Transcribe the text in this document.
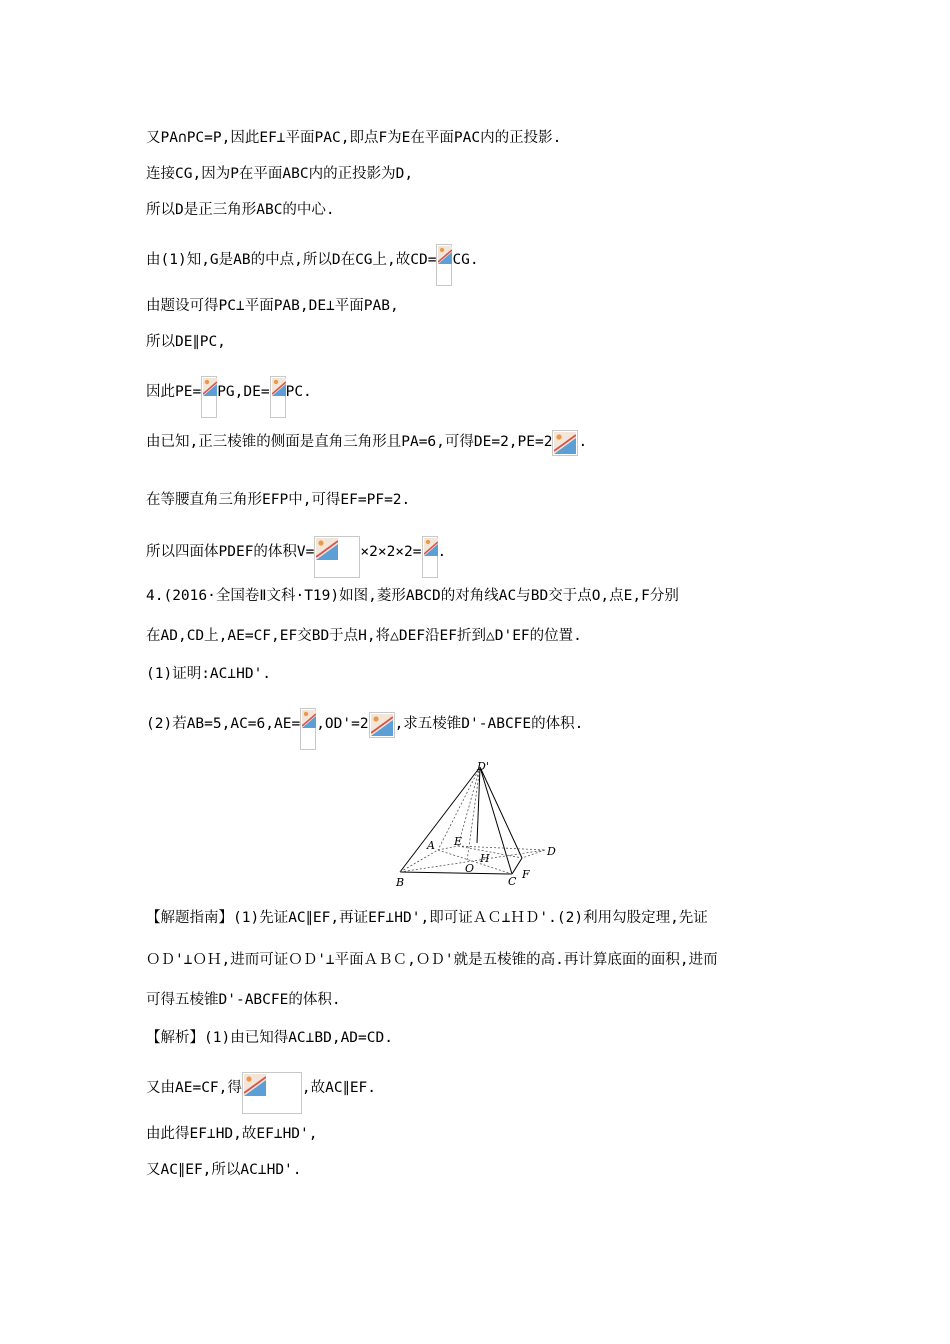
又PA∩PC=P,因此EF⊥平面PAC,即点F为E在平面PAC内的正投影.
连接CG,因为P在平面ABC内的正投影为D,
所以D是正三角形ABC的中心.
由(1)知,G是AB的中点,所以D在CG上,故CD= CG.
由题设可得PC⊥平面PAB,DE⊥平面PAB,
所以DE∥PC,
因此PE= PG,DE= PC.
由已知,正三棱锥的侧面是直角三角形且PA=6,可得DE=2,PE=2 .
在等腰直角三角形EFP中,可得EF=PF=2.
所以四面体PDEF的体积V=	×2×2×2= .
4.(2016·全国卷Ⅱ文科·T19)如图,菱形ABCD的对角线AC与BD交于点O,点E,F分别
在AD,CD上,AE=CF,EF交BD于点H,将△DEF沿EF折到△D'EF的位置.
(1)证明:AC⊥HD'.
(2)若AB=5,AC=6,AE= ,OD'=2 ,求五棱锥D'-ABCFE的体积.
D'
A E
H
O
D
B	C
F
【解题指南】(1)先证AC∥EF,再证EF⊥HD',即可证ＡＣ⊥ＨＤ'.(2)利用勾股定理,先证
ＯＤ'⊥ＯＨ,进而可证ＯＤ'⊥平面ＡＢＣ,ＯＤ'就是五棱锥的高.再计算底面的面积,进而
可得五棱锥D'-ABCFE的体积.
【解析】(1)由已知得AC⊥BD,AD=CD.
又由AE=CF,得	,故AC∥EF.
由此得EF⊥HD,故EF⊥HD',
又AC∥EF,所以AC⊥HD'.
